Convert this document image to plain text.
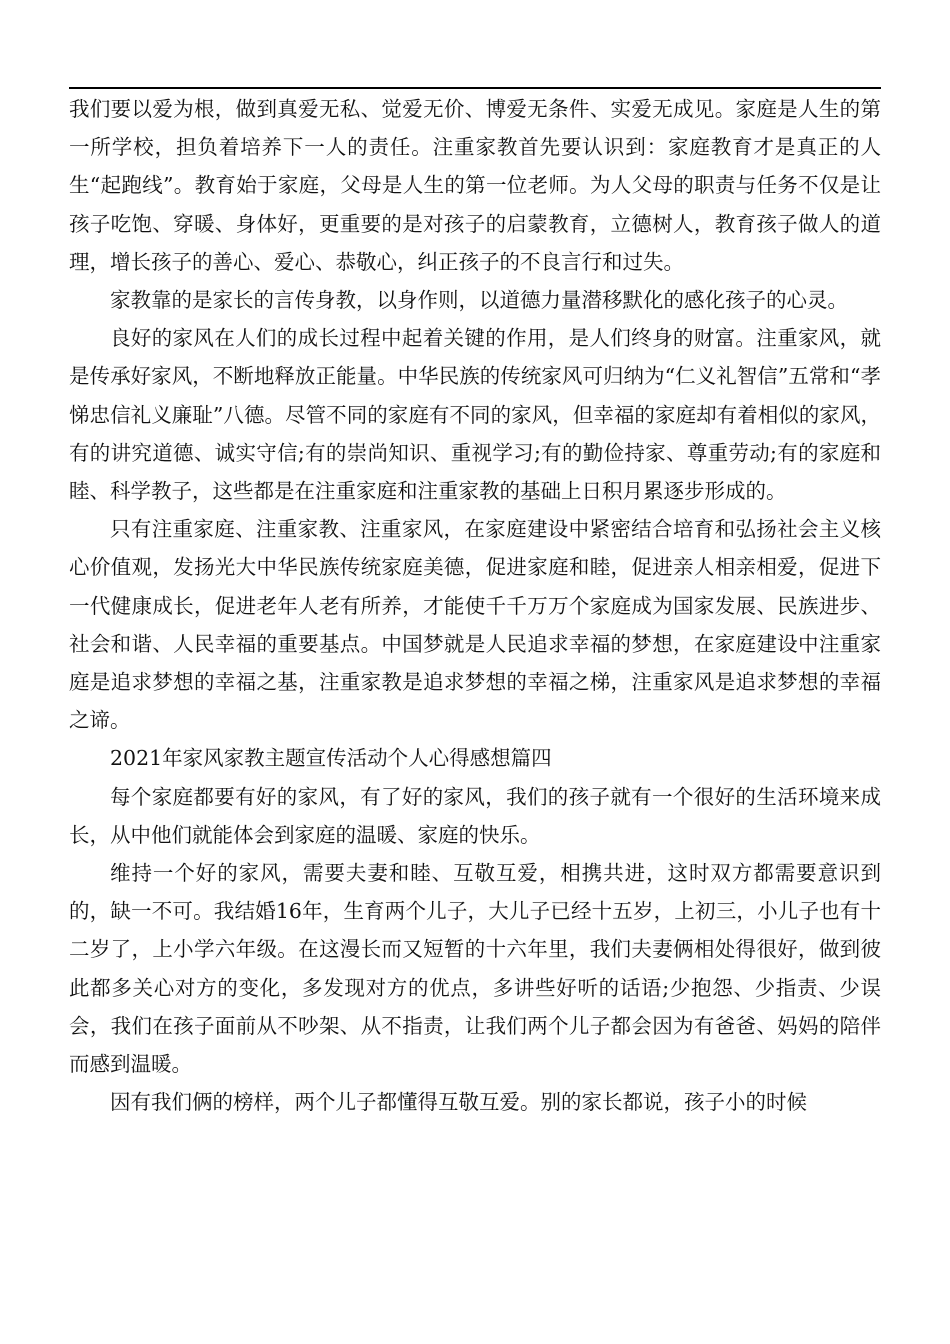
我们要以爱为根，做到真爱无私、觉爱无价、博爱无条件、实爱无成见。家庭是人生的第一所学校，担负着培养下一人的责任。注重家教首先要认识到：家庭教育才是真正的人生“起跑线”。教育始于家庭，父母是人生的第一位老师。为人父母的职责与任务不仅是让孩子吃饱、穿暖、身体好，更重要的是对孩子的启蒙教育，立德树人，教育孩子做人的道理，增长孩子的善心、爱心、恭敬心，纠正孩子的不良言行和过失。

家教靠的是家长的言传身教，以身作则，以道德力量潜移默化的感化孩子的心灵。

良好的家风在人们的成长过程中起着关键的作用，是人们终身的财富。注重家风，就是传承好家风，不断地释放正能量。中华民族的传统家风可归纳为“仁义礼智信”五常和“孝悌忠信礼义廉耻”八德。尽管不同的家庭有不同的家风，但幸福的家庭却有着相似的家风，有的讲究道德、诚实守信;有的崇尚知识、重视学习;有的勤俭持家、尊重劳动;有的家庭和睦、科学教子，这些都是在注重家庭和注重家教的基础上日积月累逐步形成的。

只有注重家庭、注重家教、注重家风，在家庭建设中紧密结合培育和弘扬社会主义核心价值观，发扬光大中华民族传统家庭美德，促进家庭和睦，促进亲人相亲相爱，促进下一代健康成长，促进老年人老有所养，才能使千千万万个家庭成为国家发展、民族进步、社会和谐、人民幸福的重要基点。中国梦就是人民追求幸福的梦想，在家庭建设中注重家庭是追求梦想的幸福之基，注重家教是追求梦想的幸福之梯，注重家风是追求梦想的幸福之谛。

2021年家风家教主题宣传活动个人心得感想篇四

每个家庭都要有好的家风，有了好的家风，我们的孩子就有一个很好的生活环境来成长，从中他们就能体会到家庭的温暖、家庭的快乐。

维持一个好的家风，需要夫妻和睦、互敬互爱，相携共进，这时双方都需要意识到的，缺一不可。我结婚16年，生育两个儿子，大儿子已经十五岁，上初三，小儿子也有十二岁了，上小学六年级。在这漫长而又短暂的十六年里，我们夫妻俩相处得很好，做到彼此都多关心对方的变化，多发现对方的优点，多讲些好听的话语;少抱怨、少指责、少误会，我们在孩子面前从不吵架、从不指责，让我们两个儿子都会因为有爸爸、妈妈的陪伴而感到温暖。

因有我们俩的榜样，两个儿子都懂得互敬互爱。别的家长都说，孩子小的时候
